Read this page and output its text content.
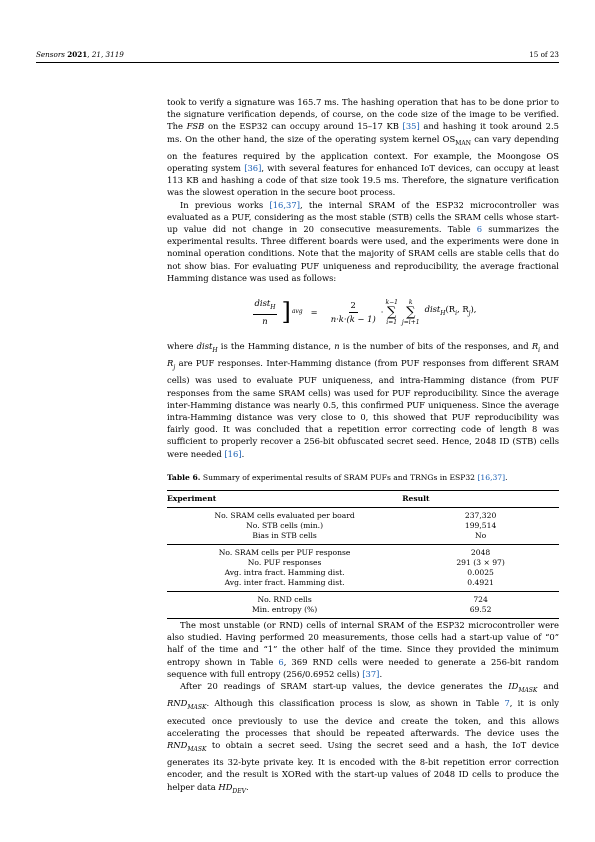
Sensors 2021, 21, 3119	15 of 23

took to verify a signature was 165.7 ms. The hashing operation that has to be done prior to the signature verification depends, of course, on the code size of the image to be verified. The FSB on the ESP32 can occupy around 15–17 KB [35] and hashing it took around 2.5 ms. On the other hand, the size of the operating system kernel $OS_{MAN}$ can vary depending on the features required by the application context. For example, the Moongose OS operating system [36], with several features for enhanced IoT devices, can occupy at least 113 KB and hashing a code of that size took 19.5 ms. Therefore, the signature verification was the slowest operation in the secure boot process.

In previous works [16,37], the internal SRAM of the ESP32 microcontroller was evaluated as a PUF, considering as the most stable (STB) cells the SRAM cells whose start-up value did not change in 20 consecutive measurements. Table 6 summarizes the experimental results. Three different boards were used, and the experiments were done in nominal operation conditions. Note that the majority of SRAM cells are stable cells that do not show bias. For evaluating PUF uniqueness and reproducibility, the average fractional Hamming distance was used as follows:

$\frac{dist_H}{n}$ ] avg = $\frac{2}{n\cdot k\cdot(k - 1)}$ ·
k−1
∑
i=1
k
∑
j=i+1
$dist_H(R_i$, $R_j$),

where dist$_H$ is the Hamming distance, n is the number of bits of the responses, and $R_i$ and $R_j$ are PUF responses. Inter-Hamming distance (from PUF responses from different SRAM cells) was used to evaluate PUF uniqueness, and intra-Hamming distance (from PUF responses from the same SRAM cells) was used for PUF reproducibility. Since the average inter-Hamming distance was nearly 0.5, this confirmed PUF uniqueness. Since the average intra-Hamming distance was very close to 0, this showed that PUF reproducibility was fairly good. It was concluded that a repetition error correcting code of length 8 was sufficient to properly recover a 256-bit obfuscated secret seed. Hence, 2048 ID (STB) cells were needed [16].

Table 6. Summary of experimental results of SRAM PUFs and TRNGs in ESP32 [16,37].
Experiment	Result
No. SRAM cells evaluated per board	237,320
No. STB cells (min.)	199,514
Bias in STB cells	No
No. SRAM cells per PUF response	2048
No. PUF responses	291 (3 × 97)
Avg. intra fract. Hamming dist.	0.0025
Avg. inter fract. Hamming dist.	0.4921
No. RND cells	724
Min. entropy (%)	69.52

The most unstable (or RND) cells of internal SRAM of the ESP32 microcontroller were also studied. Having performed 20 measurements, those cells had a start-up value of “0” half of the time and “1” the other half of the time. Since they provided the minimum entropy shown in Table 6, 369 RND cells were needed to generate a 256-bit random sequence with full entropy (256/0.6952 cells) [37].

After 20 readings of SRAM start-up values, the device generates the $ID_{MASK}$ and $RND_{MASK}$. Although this classification process is slow, as shown in Table 7, it is only executed once previously to use the device and create the token, and this allows accelerating the processes that should be repeated afterwards. The device uses the $RND_{MASK}$ to obtain a secret seed. Using the secret seed and a hash, the IoT device generates its 32-byte private key. It is encoded with the 8-bit repetition error correction encoder, and the result is XORed with the start-up values of 2048 ID cells to produce the helper data $HD_{DEV}$.
